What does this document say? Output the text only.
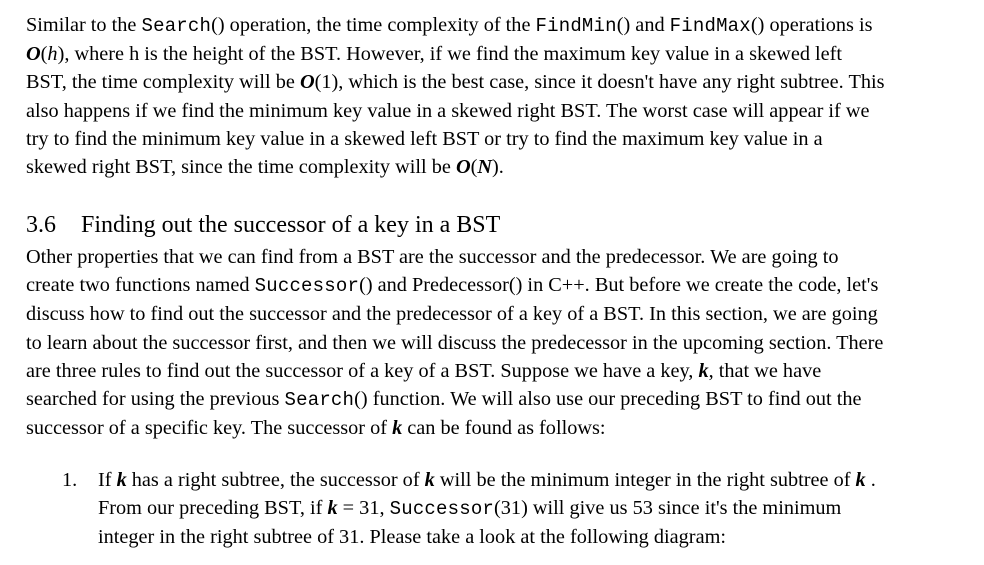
Similar to the Search() operation, the time complexity of the FindMin() and FindMax() operations is
O(h), where h is the height of the BST. However, if we find the maximum key value in a skewed left
BST, the time complexity will be O(1), which is the best case, since it doesn't have any right subtree. This
also happens if we find the minimum key value in a skewed right BST. The worst case will appear if we
try to find the minimum key value in a skewed left BST or try to find the maximum key value in a
skewed right BST, since the time complexity will be O(N).
3.6 Finding out the successor of a key in a BST
Other properties that we can find from a BST are the successor and the predecessor. We are going to
create two functions named Successor() and Predecessor() in C++. But before we create the code, let's
discuss how to find out the successor and the predecessor of a key of a BST. In this section, we are going
to learn about the successor first, and then we will discuss the predecessor in the upcoming section. There
are three rules to find out the successor of a key of a BST. Suppose we have a key, k, that we have
searched for using the previous Search() function. We will also use our preceding BST to find out the
successor of a specific key. The successor of k can be found as follows:
1. If k has a right subtree, the successor of k will be the minimum integer in the right subtree of k .
From our preceding BST, if k = 31, Successor(31) will give us 53 since it's the minimum
integer in the right subtree of 31. Please take a look at the following diagram:
